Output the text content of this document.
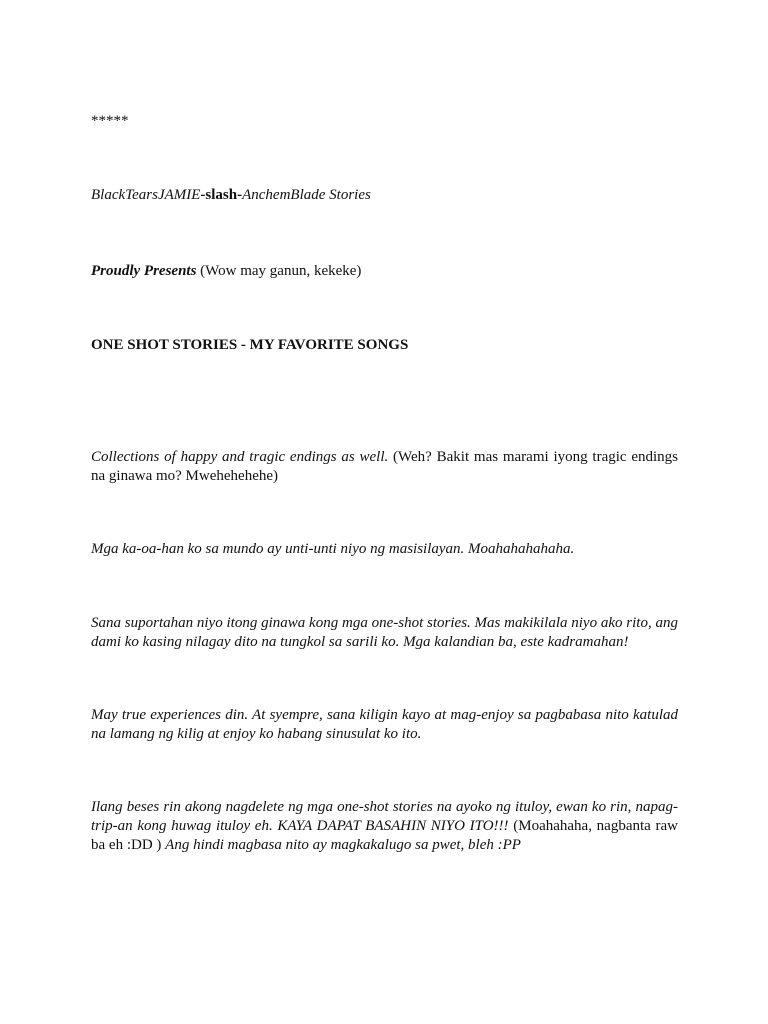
*****

BlackTearsJAMIE-slash-AnchemBlade Stories

Proudly Presents (Wow may ganun, kekeke)

ONE SHOT STORIES - MY FAVORITE SONGS

Collections of happy and tragic endings as well. (Weh? Bakit mas marami iyong tragic endings na ginawa mo? Mwehehehehe)

Mga ka-oa-han ko sa mundo ay unti-unti niyo ng masisilayan. Moahahahahaha.

Sana suportahan niyo itong ginawa kong mga one-shot stories. Mas makikilala niyo ako rito, ang dami ko kasing nilagay dito na tungkol sa sarili ko. Mga kalandian ba, este kadramahan!

May true experiences din. At syempre, sana kiligin kayo at mag-enjoy sa pagbabasa nito katulad na lamang ng kilig at enjoy ko habang sinusulat ko ito.

Ilang beses rin akong nagdelete ng mga one-shot stories na ayoko ng ituloy, ewan ko rin, napag-trip-an kong huwag ituloy eh. KAYA DAPAT BASAHIN NIYO ITO!!! (Moahahaha, nagbanta raw ba eh :DD ) Ang hindi magbasa nito ay magkakalugo sa pwet, bleh :PP
